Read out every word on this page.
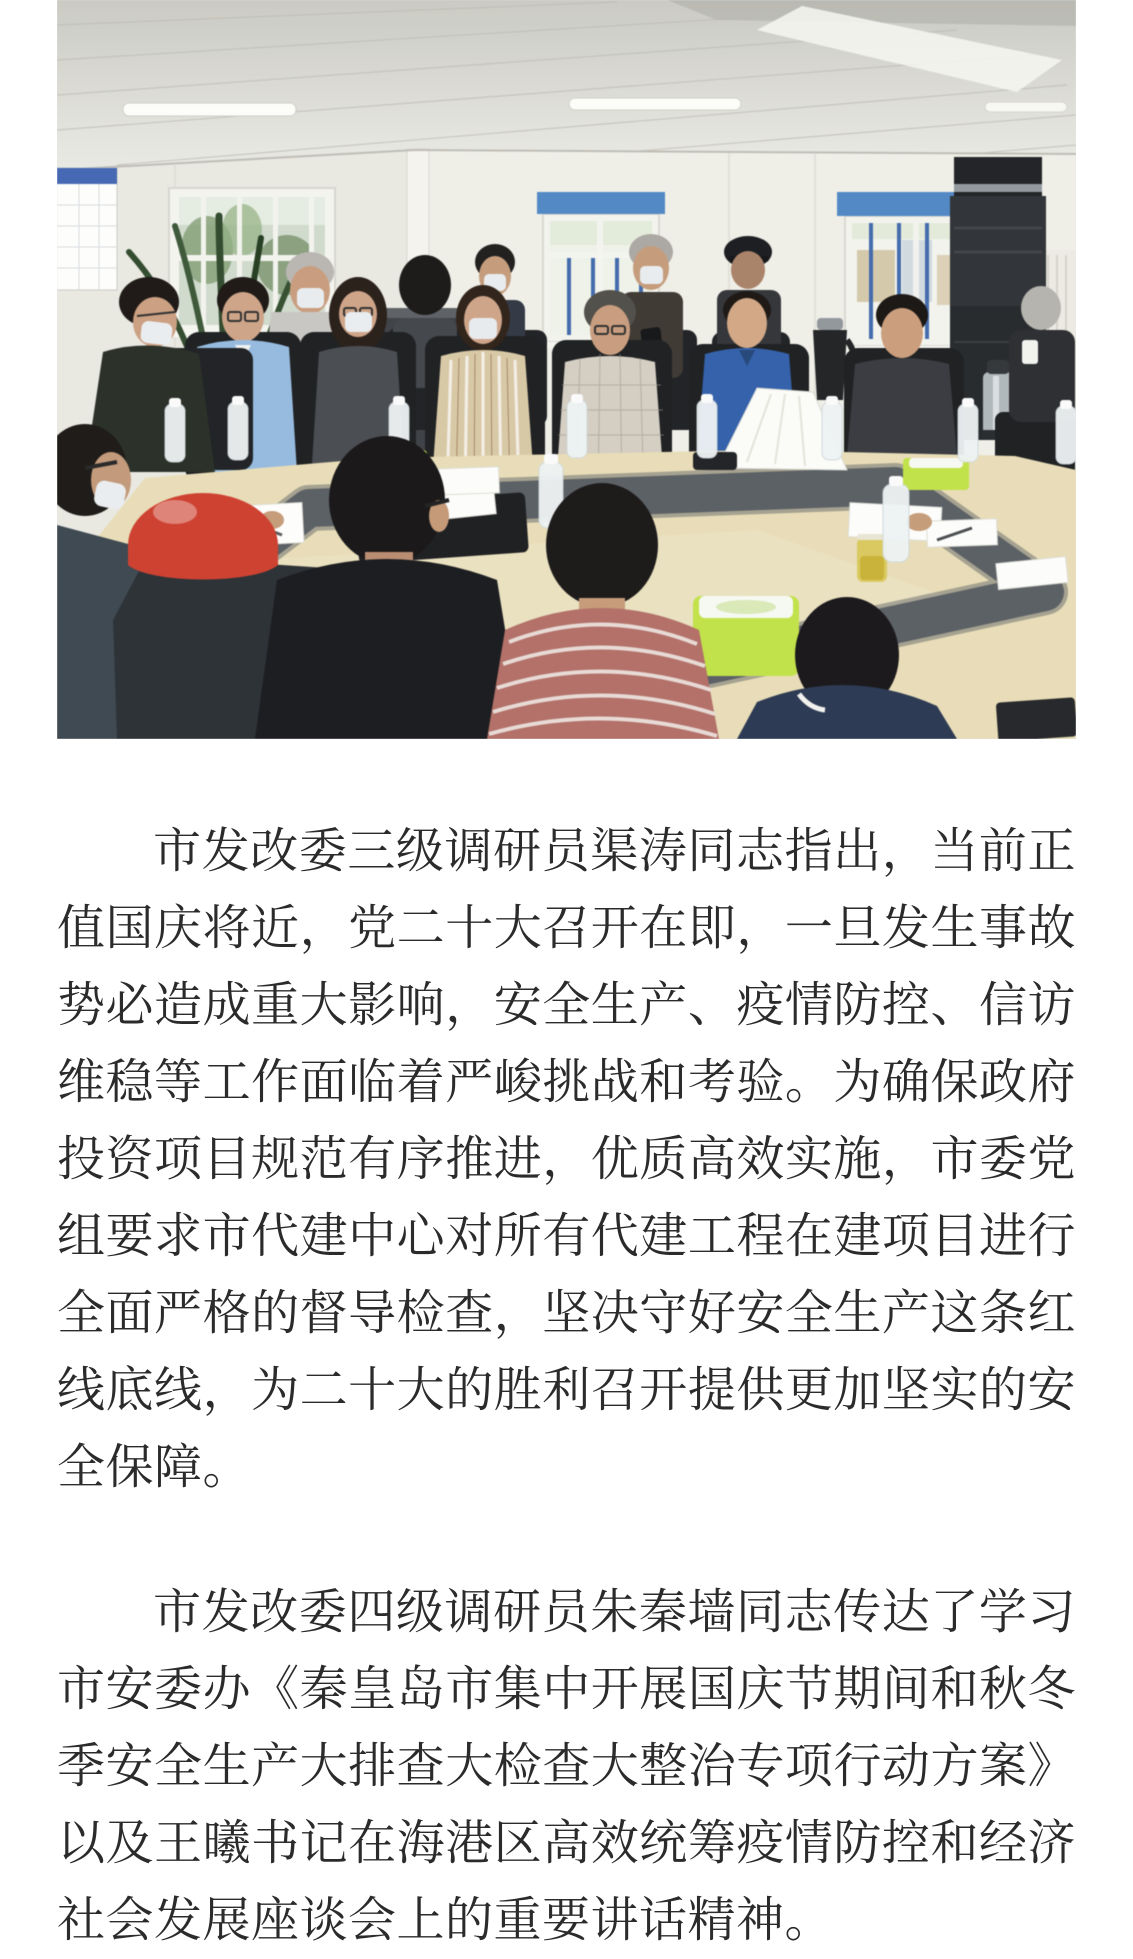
市发改委三级调研员渠涛同志指出，当前正值国庆将近，党二十大召开在即，一旦发生事故势必造成重大影响，安全生产、疫情防控、信访维稳等工作面临着严峻挑战和考验。为确保政府投资项目规范有序推进，优质高效实施，市委党组要求市代建中心对所有代建工程在建项目进行全面严格的督导检查，坚决守好安全生产这条红线底线，为二十大的胜利召开提供更加坚实的安全保障。

市发改委四级调研员朱秦墙同志传达了学习市安委办《秦皇岛市集中开展国庆节期间和秋冬季安全生产大排查大检查大整治专项行动方案》以及王曦书记在海港区高效统筹疫情防控和经济社会发展座谈会上的重要讲话精神。
